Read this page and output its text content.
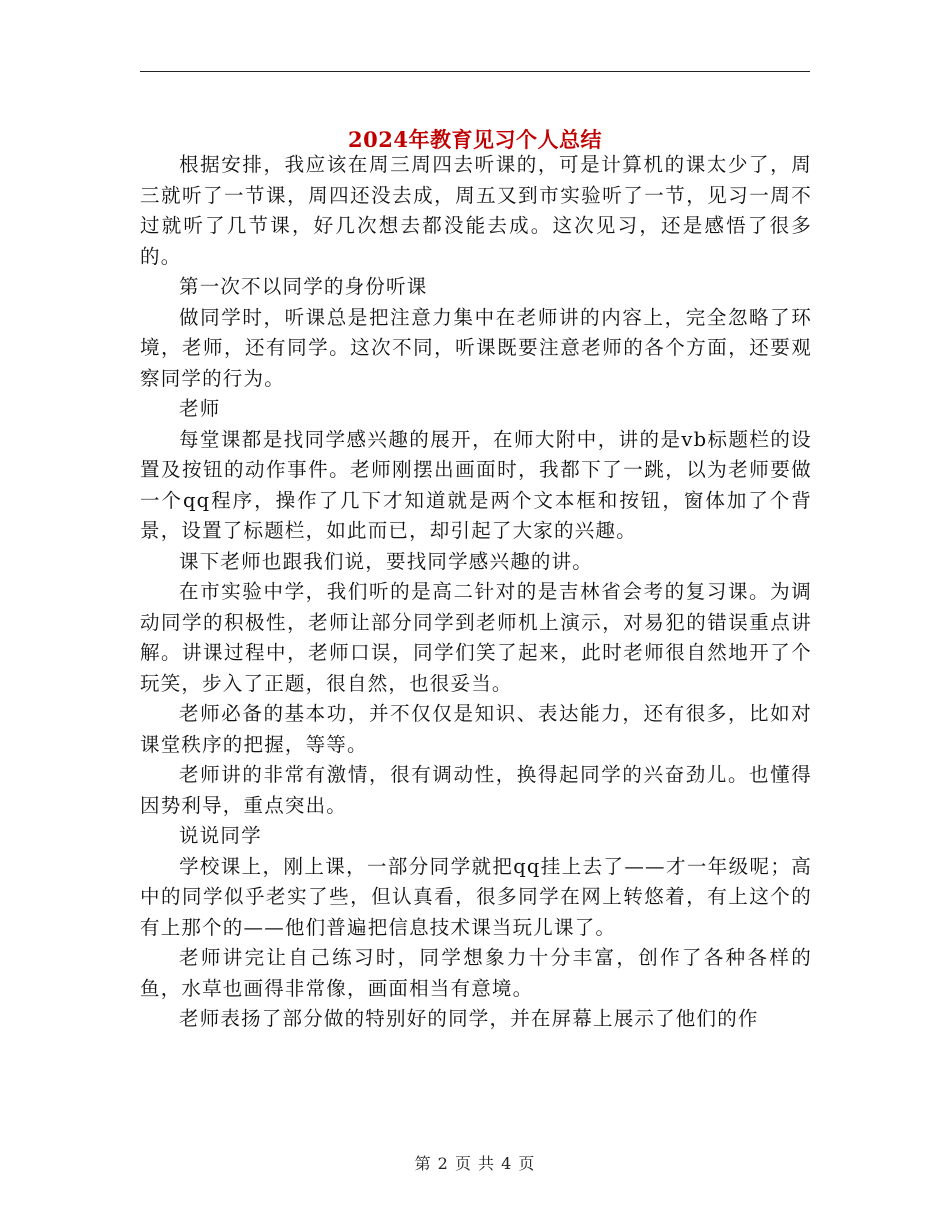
2024年教育见习个人总结

根据安排，我应该在周三周四去听课的，可是计算机的课太少了，周三就听了一节课，周四还没去成，周五又到市实验听了一节，见习一周不过就听了几节课，好几次想去都没能去成。这次见习，还是感悟了很多的。

第一次不以同学的身份听课

做同学时，听课总是把注意力集中在老师讲的内容上，完全忽略了环境，老师，还有同学。这次不同，听课既要注意老师的各个方面，还要观察同学的行为。

老师

每堂课都是找同学感兴趣的展开，在师大附中，讲的是vb标题栏的设置及按钮的动作事件。老师刚摆出画面时，我都下了一跳，以为老师要做一个qq程序，操作了几下才知道就是两个文本框和按钮，窗体加了个背景，设置了标题栏，如此而已，却引起了大家的兴趣。

课下老师也跟我们说，要找同学感兴趣的讲。

在市实验中学，我们听的是高二针对的是吉林省会考的复习课。为调动同学的积极性，老师让部分同学到老师机上演示，对易犯的错误重点讲解。讲课过程中，老师口误，同学们笑了起来，此时老师很自然地开了个玩笑，步入了正题，很自然，也很妥当。

老师必备的基本功，并不仅仅是知识、表达能力，还有很多，比如对课堂秩序的把握，等等。

老师讲的非常有激情，很有调动性，换得起同学的兴奋劲儿。也懂得因势利导，重点突出。

说说同学

学校课上，刚上课，一部分同学就把qq挂上去了——才一年级呢；高中的同学似乎老实了些，但认真看，很多同学在网上转悠着，有上这个的有上那个的——他们普遍把信息技术课当玩儿课了。

老师讲完让自己练习时，同学想象力十分丰富，创作了各种各样的鱼，水草也画得非常像，画面相当有意境。

老师表扬了部分做的特别好的同学，并在屏幕上展示了他们的作

第 2 页 共 4 页
